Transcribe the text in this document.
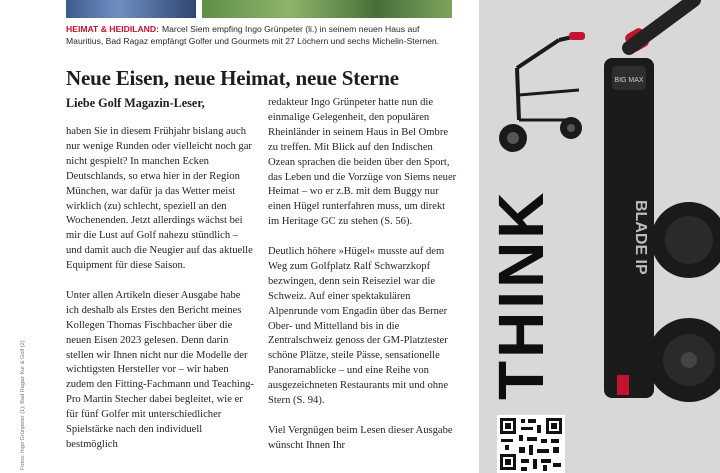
HEIMAT & HEIDILAND: Marcel Siem empfing Ingo Grünpeter (li.) in seinem neuen Haus auf Mauritius, Bad Ragaz empfängt Golfer und Gourmets mit 27 Löchern und sechs Michelin-Sternen.
Neue Eisen, neue Heimat, neue Sterne
Liebe Golf Magazin-Leser,

haben Sie in diesem Frühjahr bislang auch nur wenige Runden oder vielleicht noch gar nicht gespielt? In manchen Ecken Deutschlands, so etwa hier in der Region München, war dafür ja das Wetter meist wirklich (zu) schlecht, speziell an den Wochenenden. Jetzt allerdings wächst bei mir die Lust auf Golf nahezu stündlich – und damit auch die Neugier auf das aktuelle Equipment für diese Saison.

Unter allen Artikeln dieser Ausgabe habe ich deshalb als Erstes den Bericht meines Kollegen Thomas Fischbacher über die neuen Eisen 2023 gelesen. Denn darin stellen wir Ihnen nicht nur die Modelle der wichtigsten Hersteller vor – wir haben zudem den Fitting-Fachmann und Teaching-Pro Martin Stecher dabei begleitet, wie er für fünf Golfer mit unterschiedlicher Spielstärke nach den individuell bestmöglich

redakteur Ingo Grünpeter hatte nun die einmalige Gelegenheit, den populären Rheinländer in seinem Haus in Bel Ombre zu treffen. Mit Blick auf den Indischen Ozean sprachen die beiden über den Sport, das Leben und die Vorzüge von Siems neuer Heimat – wo er z.B. mit dem Buggy nur einen Hügel runterfahren muss, um direkt im Heritage GC zu stehen (S. 56).

Deutlich höhere »Hügel« musste auf dem Weg zum Golfplatz Ralf Schwarzkopf bezwingen, denn sein Reiseziel war die Schweiz. Auf einer spektakulären Alpenrunde vom Engadin über das Berner Ober- und Mittelland bis in die Zentralschweiz genoss der GM-Platztester schöne Plätze, steile Pässe, sensationelle Panoramablicke – und eine Reihe von ausgezeichneten Restaurants mit und ohne Stern (S. 94).

Viel Vergnügen beim Lesen dieser Ausgabe wünscht Ihnen Ihr

Fotos: Ingo Grünpeter (1); Bad Ragaz Kur & Golf (2)
THINK
BIG MAX
BLADE IP
